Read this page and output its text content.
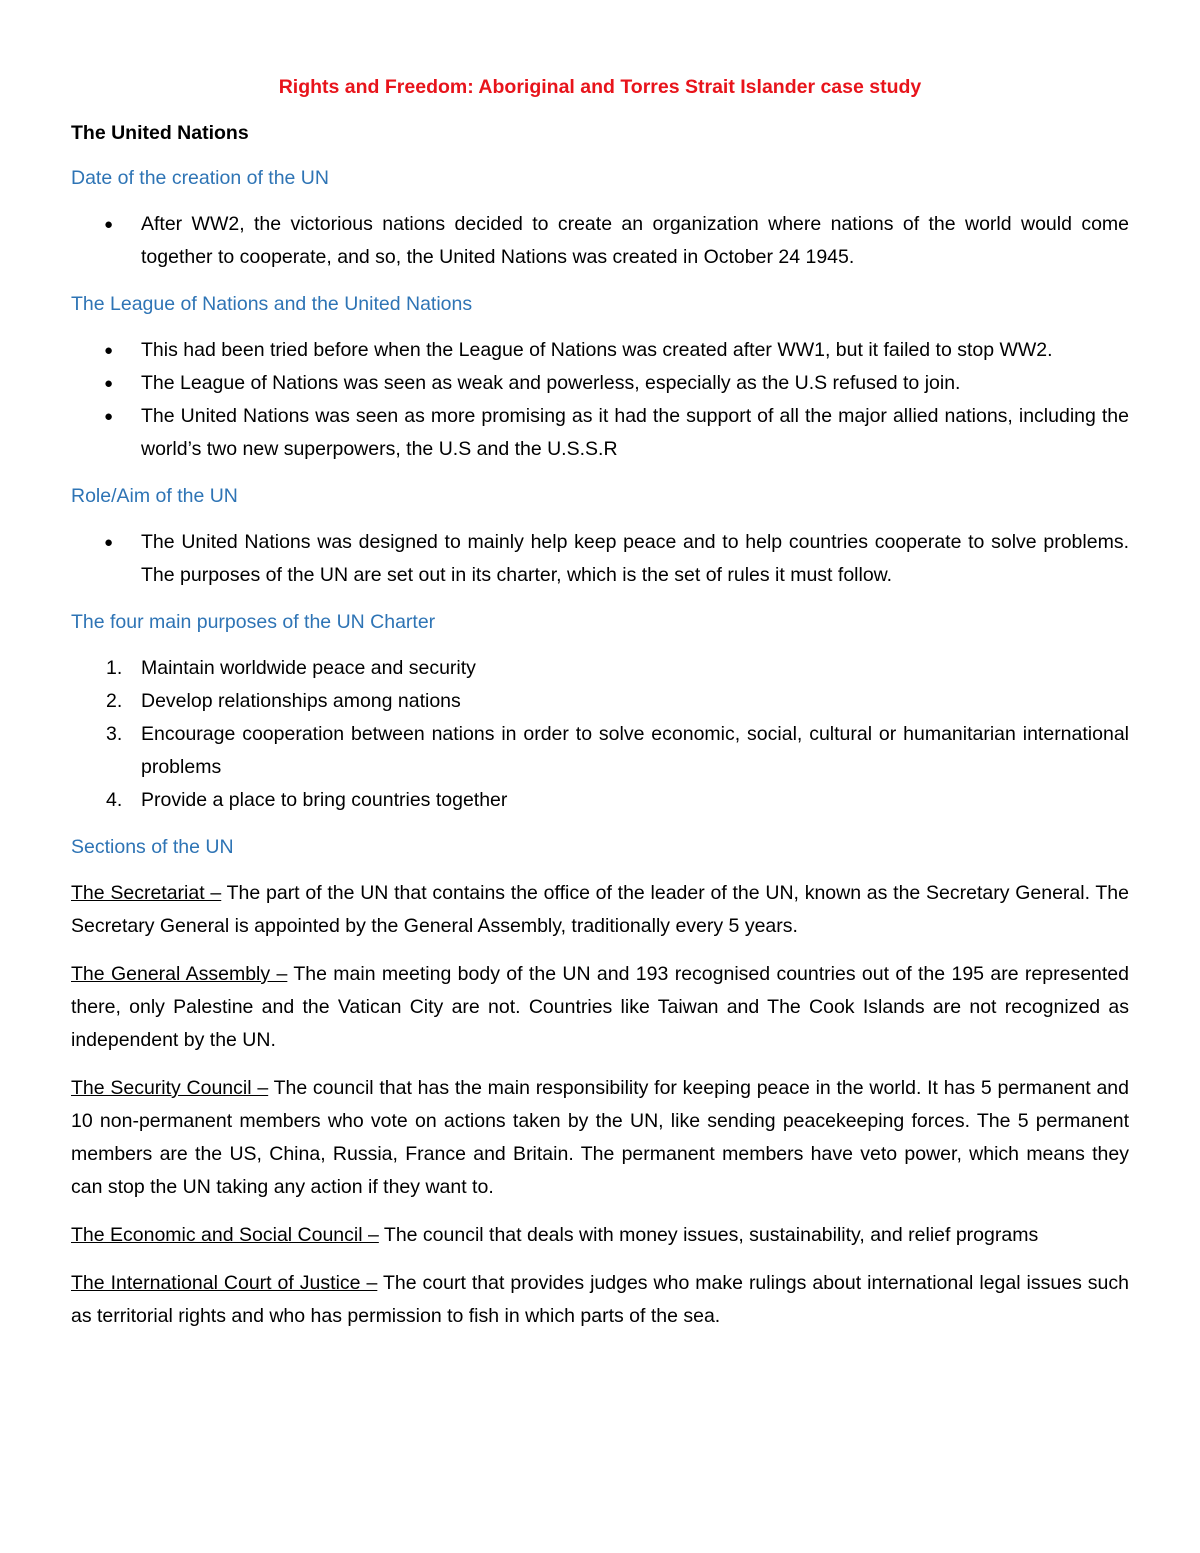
Rights and Freedom: Aboriginal and Torres Strait Islander case study
The United Nations
Date of the creation of the UN
● After WW2, the victorious nations decided to create an organization where nations of the world would come together to cooperate, and so, the United Nations was created in October 24 1945.
The League of Nations and the United Nations
● This had been tried before when the League of Nations was created after WW1, but it failed to stop WW2.
● The League of Nations was seen as weak and powerless, especially as the U.S refused to join.
● The United Nations was seen as more promising as it had the support of all the major allied nations, including the world’s two new superpowers, the U.S and the U.S.S.R
Role/Aim of the UN
● The United Nations was designed to mainly help keep peace and to help countries cooperate to solve problems. The purposes of the UN are set out in its charter, which is the set of rules it must follow.
The four main purposes of the UN Charter
1. Maintain worldwide peace and security
2. Develop relationships among nations
3. Encourage cooperation between nations in order to solve economic, social, cultural or humanitarian international problems
4. Provide a place to bring countries together
Sections of the UN

The Secretariat – The part of the UN that contains the office of the leader of the UN, known as the Secretary General. The Secretary General is appointed by the General Assembly, traditionally every 5 years.

The General Assembly – The main meeting body of the UN and 193 recognised countries out of the 195 are represented there, only Palestine and the Vatican City are not. Countries like Taiwan and The Cook Islands are not recognized as independent by the UN.

The Security Council – The council that has the main responsibility for keeping peace in the world. It has 5 permanent and 10 non-permanent members who vote on actions taken by the UN, like sending peacekeeping forces. The 5 permanent members are the US, China, Russia, France and Britain. The permanent members have veto power, which means they can stop the UN taking any action if they want to.

The Economic and Social Council – The council that deals with money issues, sustainability, and relief programs

The International Court of Justice – The court that provides judges who make rulings about international legal issues such as territorial rights and who has permission to fish in which parts of the sea.
